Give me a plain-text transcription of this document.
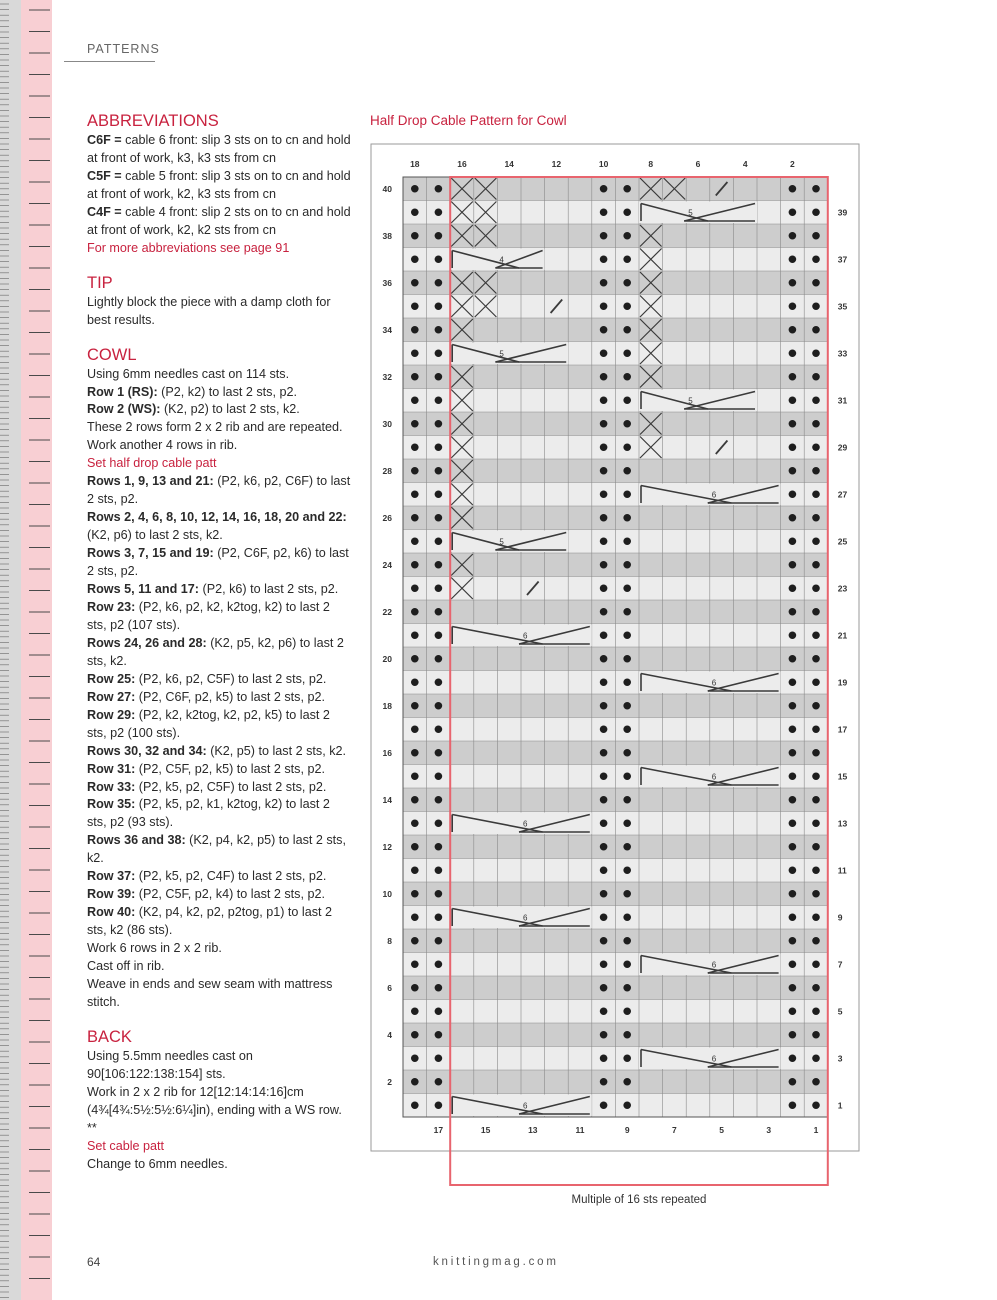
PATTERNS

ABBREVIATIONS

C6F = cable 6 front: slip 3 sts on to cn and hold at front of work, k3, k3 sts from cn

C5F = cable 5 front: slip 3 sts on to cn and hold at front of work, k2, k3 sts from cn

C4F = cable 4 front: slip 2 sts on to cn and hold at front of work, k2, k2 sts from cn

For more abbreviations see page 91

TIP

Lightly block the piece with a damp cloth for best results.

COWL

Using 6mm needles cast on 114 sts.

Row 1 (RS): (P2, k2) to last 2 sts, p2.

Row 2 (WS): (K2, p2) to last 2 sts, k2.

These 2 rows form 2 x 2 rib and are repeated.

Work another 4 rows in rib.

Set half drop cable patt

Rows 1, 9, 13 and 21: (P2, k6, p2, C6F) to last 2 sts, p2.

Rows 2, 4, 6, 8, 10, 12, 14, 16, 18, 20 and 22: (K2, p6) to last 2 sts, k2.

Rows 3, 7, 15 and 19: (P2, C6F, p2, k6) to last 2 sts, p2.

Rows 5, 11 and 17: (P2, k6) to last 2 sts, p2.

Row 23: (P2, k6, p2, k2, k2tog, k2) to last 2 sts, p2 (107 sts).

Rows 24, 26 and 28: (K2, p5, k2, p6) to last 2 sts, k2.

Row 25: (P2, k6, p2, C5F) to last 2 sts, p2.

Row 27: (P2, C6F, p2, k5) to last 2 sts, p2.

Row 29: (P2, k2, k2tog, k2, p2, k5) to last 2 sts, p2 (100 sts).

Rows 30, 32 and 34: (K2, p5) to last 2 sts, k2.

Row 31: (P2, C5F, p2, k5) to last 2 sts, p2.

Row 33: (P2, k5, p2, C5F) to last 2 sts, p2.

Row 35: (P2, k5, p2, k1, k2tog, k2) to last 2 sts, p2 (93 sts).

Rows 36 and 38: (K2, p4, k2, p5) to last 2 sts, k2.

Row 37: (P2, k5, p2, C4F) to last 2 sts, p2.

Row 39: (P2, C5F, p2, k4) to last 2 sts, p2.

Row 40: (K2, p4, k2, p2, p2tog, p1) to last 2 sts, k2 (86 sts).

Work 6 rows in 2 x 2 rib.

Cast off in rib.

Weave in ends and sew seam with mattress stitch.

BACK

Using 5.5mm needles cast on 90[106:122:138:154] sts.

Work in 2 x 2 rib for 12[12:14:14:16]cm (4¾[4¾:5½:5½:6¼]in), ending with a WS row. **

Set cable patt

Change to 6mm needles.

Half Drop Cable Pattern for Cowl
6
6
6
6
6
6
6
6
6
5
5
5
5
4
18	16	14	12	10	8	6	4	2
17	15	13	11	9	7	5	3	1
40
38
36
34
32
30
28
26
24
22
20
18
16
14
12
10
8
6
4
2
39
37
35
33
31
29
27
25
23
21
19
17
15
13
11
9
7
5
3
1
Multiple of 16 sts repeated
64	knittingmag.com
